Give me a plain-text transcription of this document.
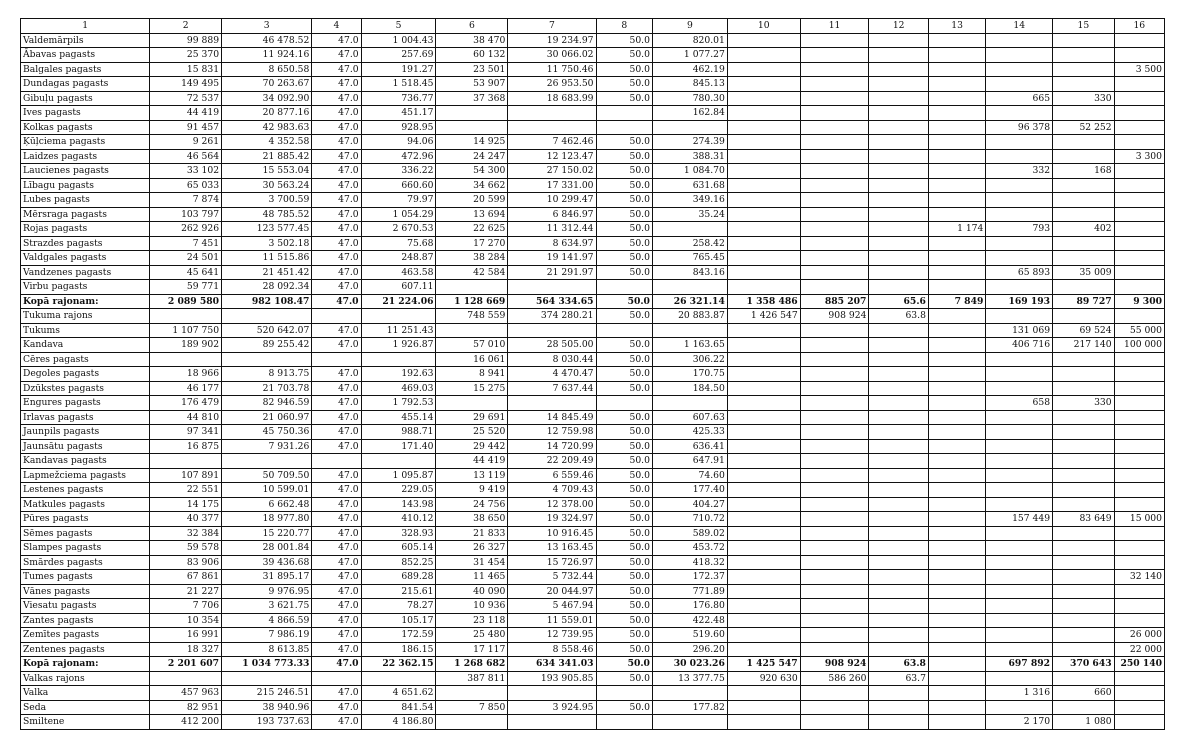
1	2	3	4	5	6	7	8	9	10	11	12	13	14	15	16
Valdemārpils	99 889	46 478.52	47.0	1 004.43	38 470	19 234.97	50.0	820.01							
Ābavas pagasts	25 370	11 924.16	47.0	257.69	60 132	30 066.02	50.0	1 077.27							
Balgales pagasts	15 831	8 650.58	47.0	191.27	23 501	11 750.46	50.0	462.19							3 500
Dundagas pagasts	149 495	70 263.67	47.0	1 518.45	53 907	26 953.50	50.0	845.13							
Gibuļu pagasts	72 537	34 092.90	47.0	736.77	37 368	18 683.99	50.0	780.30					665	330	
Ives pagasts	44 419	20 877.16	47.0	451.17				162.84							
Kolkas pagasts	91 457	42 983.63	47.0	928.95									96 378	52 252	
Ķūļciema pagasts	9 261	4 352.58	47.0	94.06	14 925	7 462.46	50.0	274.39							
Laidzes pagasts	46 564	21 885.42	47.0	472.96	24 247	12 123.47	50.0	388.31							3 300
Laucienes pagasts	33 102	15 553.04	47.0	336.22	54 300	27 150.02	50.0	1 084.70					332	168	
Lībagu pagasts	65 033	30 563.24	47.0	660.60	34 662	17 331.00	50.0	631.68							
Lubes pagasts	7 874	3 700.59	47.0	79.97	20 599	10 299.47	50.0	349.16							
Mērsraga pagasts	103 797	48 785.52	47.0	1 054.29	13 694	6 846.97	50.0	35.24							
Rojas pagasts	262 926	123 577.45	47.0	2 670.53	22 625	11 312.44	50.0					1 174	793	402	
Strazdes pagasts	7 451	3 502.18	47.0	75.68	17 270	8 634.97	50.0	258.42							
Valdgales pagasts	24 501	11 515.86	47.0	248.87	38 284	19 141.97	50.0	765.45							
Vandzenes pagasts	45 641	21 451.42	47.0	463.58	42 584	21 291.97	50.0	843.16					65 893	35 009	
Virbu pagasts	59 771	28 092.34	47.0	607.11											
Kopā rajonam:	2 089 580	982 108.47	47.0	21 224.06	1 128 669	564 334.65	50.0	26 321.14	1 358 486	885 207	65.6	7 849	169 193	89 727	9 300
Tukuma rajons					748 559	374 280.21	50.0	20 883.87	1 426 547	908 924	63.8				
Tukums	1 107 750	520 642.07	47.0	11 251.43									131 069	69 524	55 000
Kandava	189 902	89 255.42	47.0	1 926.87	57 010	28 505.00	50.0	1 163.65					406 716	217 140	100 000
Cēres pagasts					16 061	8 030.44	50.0	306.22							
Degoles pagasts	18 966	8 913.75	47.0	192.63	8 941	4 470.47	50.0	170.75							
Dzūkstes pagasts	46 177	21 703.78	47.0	469.03	15 275	7 637.44	50.0	184.50							
Engures pagasts	176 479	82 946.59	47.0	1 792.53									658	330	
Irlavas pagasts	44 810	21 060.97	47.0	455.14	29 691	14 845.49	50.0	607.63							
Jaunpils pagasts	97 341	45 750.36	47.0	988.71	25 520	12 759.98	50.0	425.33							
Jaunsātu pagasts	16 875	7 931.26	47.0	171.40	29 442	14 720.99	50.0	636.41							
Kandavas pagasts					44 419	22 209.49	50.0	647.91							
Lapmežciema pagasts	107 891	50 709.50	47.0	1 095.87	13 119	6 559.46	50.0	74.60							
Lestenes pagasts	22 551	10 599.01	47.0	229.05	9 419	4 709.43	50.0	177.40							
Matkules pagasts	14 175	6 662.48	47.0	143.98	24 756	12 378.00	50.0	404.27							
Pūres pagasts	40 377	18 977.80	47.0	410.12	38 650	19 324.97	50.0	710.72					157 449	83 649	15 000
Sēmes pagasts	32 384	15 220.77	47.0	328.93	21 833	10 916.45	50.0	589.02							
Slampes pagasts	59 578	28 001.84	47.0	605.14	26 327	13 163.45	50.0	453.72							
Smārdes pagasts	83 906	39 436.68	47.0	852.25	31 454	15 726.97	50.0	418.32							
Tumes pagasts	67 861	31 895.17	47.0	689.28	11 465	5 732.44	50.0	172.37							32 140
Vānes pagasts	21 227	9 976.95	47.0	215.61	40 090	20 044.97	50.0	771.89							
Viesatu pagasts	7 706	3 621.75	47.0	78.27	10 936	5 467.94	50.0	176.80							
Zantes pagasts	10 354	4 866.59	47.0	105.17	23 118	11 559.01	50.0	422.48							
Zemītes pagasts	16 991	7 986.19	47.0	172.59	25 480	12 739.95	50.0	519.60							26 000
Zentenes pagasts	18 327	8 613.85	47.0	186.15	17 117	8 558.46	50.0	296.20							22 000
Kopā rajonam:	2 201 607	1 034 773.33	47.0	22 362.15	1 268 682	634 341.03	50.0	30 023.26	1 425 547	908 924	63.8		697 892	370 643	250 140
Valkas rajons					387 811	193 905.85	50.0	13 377.75	920 630	586 260	63.7				
Valka	457 963	215 246.51	47.0	4 651.62									1 316	660	
Seda	82 951	38 940.96	47.0	841.54	7 850	3 924.95	50.0	177.82							
Smiltene	412 200	193 737.63	47.0	4 186.80									2 170	1 080	
